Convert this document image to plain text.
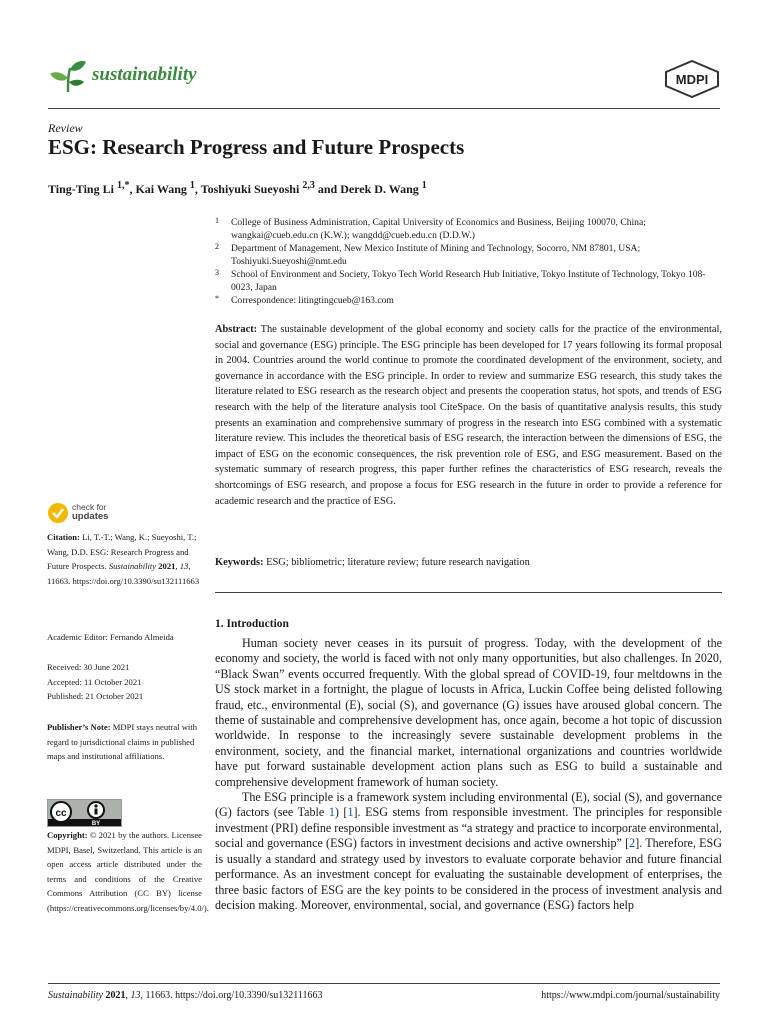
sustainability	MDPI
Review
ESG: Research Progress and Future Prospects
Ting-Ting Li $^{1,*}$, Kai Wang $^1$, Toshiyuki Sueyoshi $^{2,3}$ and Derek D. Wang $^1$
1	College of Business Administration, Capital University of Economics and Business, Beijing 100070, China; wangkai@cueb.edu.cn (K.W.); wangdd@cueb.edu.cn (D.D.W.)
2	Department of Management, New Mexico Institute of Mining and Technology, Socorro, NM 87801, USA; Toshiyuki.Sueyoshi@nmt.edu
3	School of Environment and Society, Tokyo Tech World Research Hub Initiative, Tokyo Institute of Technology, Tokyo 108-0023, Japan
*	Correspondence: litingtingcueb@163.com
Abstract: The sustainable development of the global economy and society calls for the practice of the environmental, social and governance (ESG) principle. The ESG principle has been developed for 17 years following its formal proposal in 2004. Countries around the world continue to promote the coordinated development of the environment, society, and governance in accordance with the ESG principle. In order to review and summarize ESG research, this study takes the literature related to ESG research as the research object and presents the cooperation status, hot spots, and trends of ESG research with the help of the literature analysis tool CiteSpace. On the basis of quantitative analysis results, this study presents an examination and comprehensive summary of progress in the research into ESG combined with a systematic literature review. This includes the theoretical basis of ESG research, the interaction between the dimensions of ESG, the impact of ESG on the economic consequences, the risk prevention role of ESG, and ESG measurement. Based on the systematic summary of research progress, this paper further refines the characteristics of ESG research, reveals the shortcomings of ESG research, and propose a focus for ESG research in the future in order to provide a reference for academic research and the practice of ESG.
Keywords: ESG; bibliometric; literature review; future research navigation
1. Introduction

Human society never ceases in its pursuit of progress. Today, with the development of the economy and society, the world is faced with not only many opportunities, but also challenges. In 2020, “Black Swan” events occurred frequently. With the global spread of COVID-19, four meltdowns in the US stock market in a fortnight, the plague of locusts in Africa, Luckin Coffee being delisted following fraud, etc., environmental (E), social (S), and governance (G) issues have aroused global concern. The theme of sustainable and comprehensive development has, once again, become a hot topic of discussion worldwide. In response to the increasingly severe sustainable development problems in the environment, society, and the financial market, international organizations and countries worldwide have put forward sustainable development action plans such as ESG to build a sustainable and comprehensive development framework of human society.

The ESG principle is a framework system including environmental (E), social (S), and governance (G) factors (see Table 1) [1]. ESG stems from responsible investment. The principles for responsible investment (PRI) define responsible investment as “a strategy and practice to incorporate environmental, social and governance (ESG) factors in investment decisions and active ownership” [2]. Therefore, ESG is usually a standard and strategy used by investors to evaluate corporate behavior and future financial performance. As an investment concept for evaluating the sustainable development of enterprises, the three basic factors of ESG are the key points to be considered in the process of investment analysis and decision making. Moreover, environmental, social, and governance (ESG) factors help

check for
updates
Citation: Li, T.-T.; Wang, K.; Sueyoshi, T.; Wang, D.D. ESG: Research Progress and Future Prospects. Sustainability 2021, 13, 11663. https://doi.org/10.3390/su132111663
Academic Editor: Fernando Almeida
Received: 30 June 2021
Accepted: 11 October 2021
Published: 21 October 2021
Publisher’s Note: MDPI stays neutral with regard to jurisdictional claims in published maps and institutional affiliations.
cc
BY
Copyright: © 2021 by the authors. Licensee MDPI, Basel, Switzerland. This article is an open access article distributed under the terms and conditions of the Creative Commons Attribution (CC BY) license (https://creativecommons.org/licenses/by/4.0/).
Sustainability 2021, 13, 11663. https://doi.org/10.3390/su132111663	https://www.mdpi.com/journal/sustainability
